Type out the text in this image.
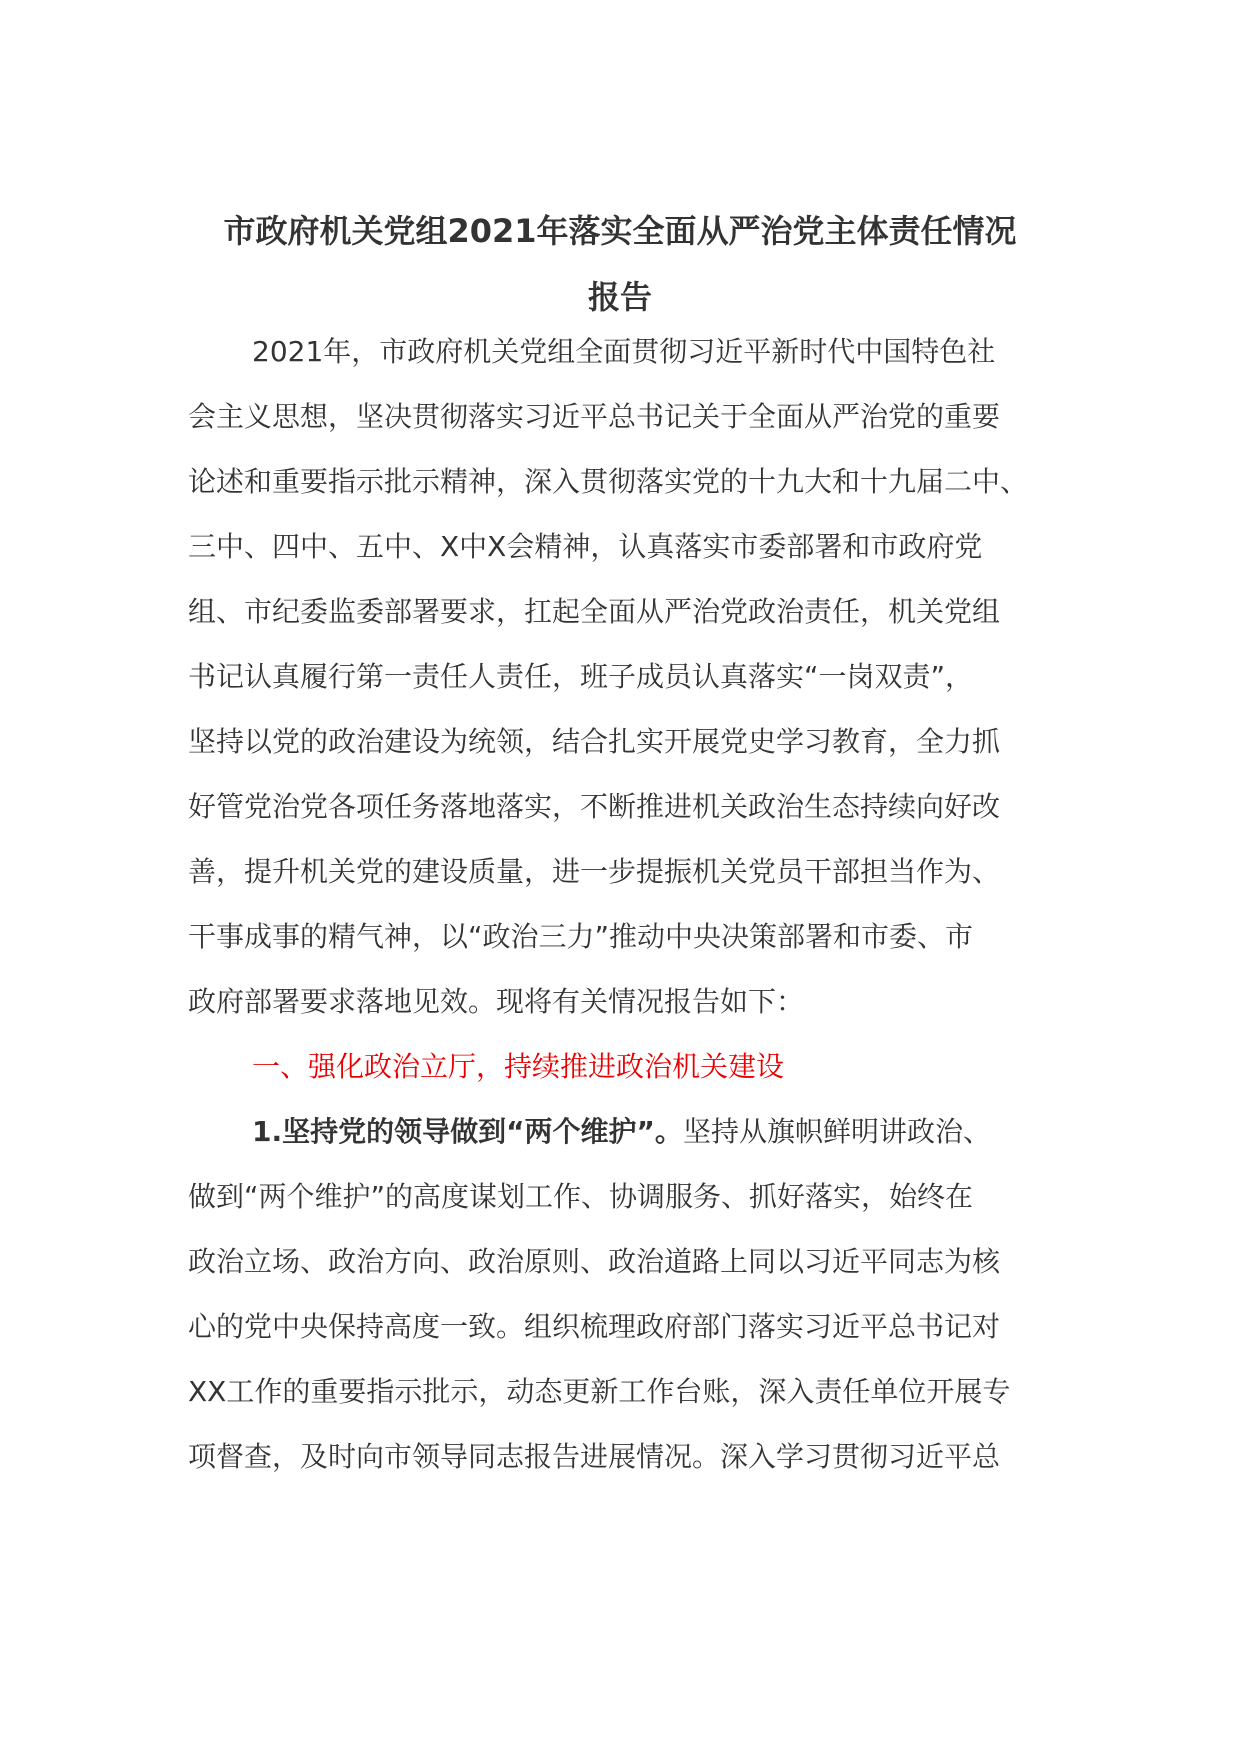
市政府机关党组2021年落实全面从严治党主体责任情况
报告
2021年，市政府机关党组全面贯彻习近平新时代中国特色社
会主义思想，坚决贯彻落实习近平总书记关于全面从严治党的重要
论述和重要指示批示精神，深入贯彻落实党的十九大和十九届二中、
三中、四中、五中、X中X会精神，认真落实市委部署和市政府党
组、市纪委监委部署要求，扛起全面从严治党政治责任，机关党组
书记认真履行第一责任人责任，班子成员认真落实“一岗双责”，
坚持以党的政治建设为统领，结合扎实开展党史学习教育，全力抓
好管党治党各项任务落地落实，不断推进机关政治生态持续向好改
善，提升机关党的建设质量，进一步提振机关党员干部担当作为、
干事成事的精气神，以“政治三力”推动中央决策部署和市委、市
政府部署要求落地见效。现将有关情况报告如下：
一、强化政治立厅，持续推进政治机关建设
1.坚持党的领导做到“两个维护”。坚持从旗帜鲜明讲政治、
做到“两个维护”的高度谋划工作、协调服务、抓好落实，始终在
政治立场、政治方向、政治原则、政治道路上同以习近平同志为核
心的党中央保持高度一致。组织梳理政府部门落实习近平总书记对
XX工作的重要指示批示，动态更新工作台账，深入责任单位开展专
项督查，及时向市领导同志报告进展情况。深入学习贯彻习近平总
